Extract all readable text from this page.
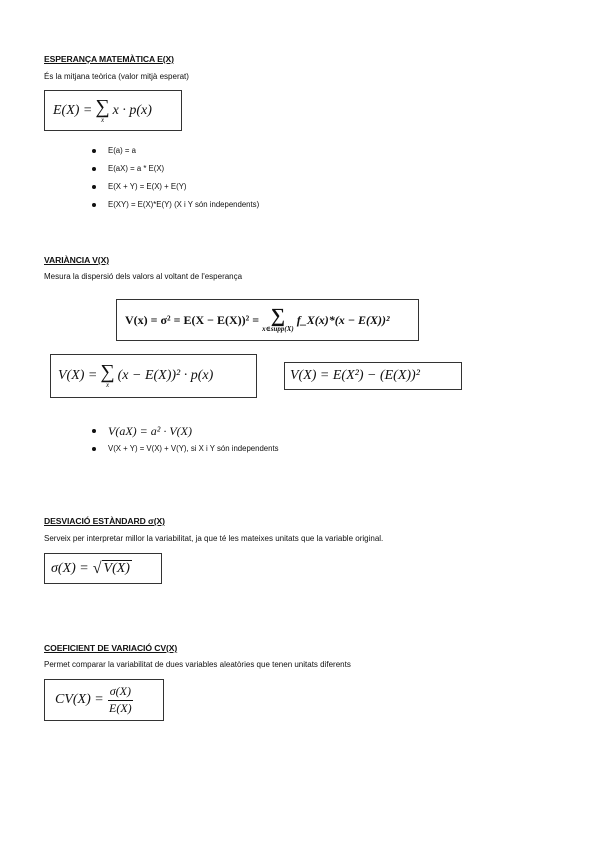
ESPERANÇA MATEMÀTICA E(X)
És la mitjana teòrica (valor mitjà esperat)
E(X) = ∑
x
x · p(x)
E(a) = a
E(aX) = a * E(X)
E(X + Y) = E(X) + E(Y)
E(XY) = E(X)*E(Y) (X i Y són independents)
VARIÀNCIA V(X)
Mesura la dispersió dels valors al voltant de l'esperança
V(x) = σ² = E(X − E(X))² = ∑
x∈supp(X)
f_X(x)*(x − E(X))²
V(X) = ∑
x
(x − E(X))² · p(x)	V(X) = E(X²) − (E(X))²
V(aX) = a² · V(X)
V(X + Y) = V(X) + V(Y), si X i Y són independents
DESVIACIÓ ESTÀNDARD σ(X)
Serveix per interpretar millor la variabilitat, ja que té les mateixes unitats que la variable original.
σ(X) = √ V(X)
COEFICIENT DE VARIACIÓ CV(X)
Permet comparar la variabilitat de dues variables aleatòries que tenen unitats diferents
$CV(X) = \frac{\sigma(X)}{E(X)}$
